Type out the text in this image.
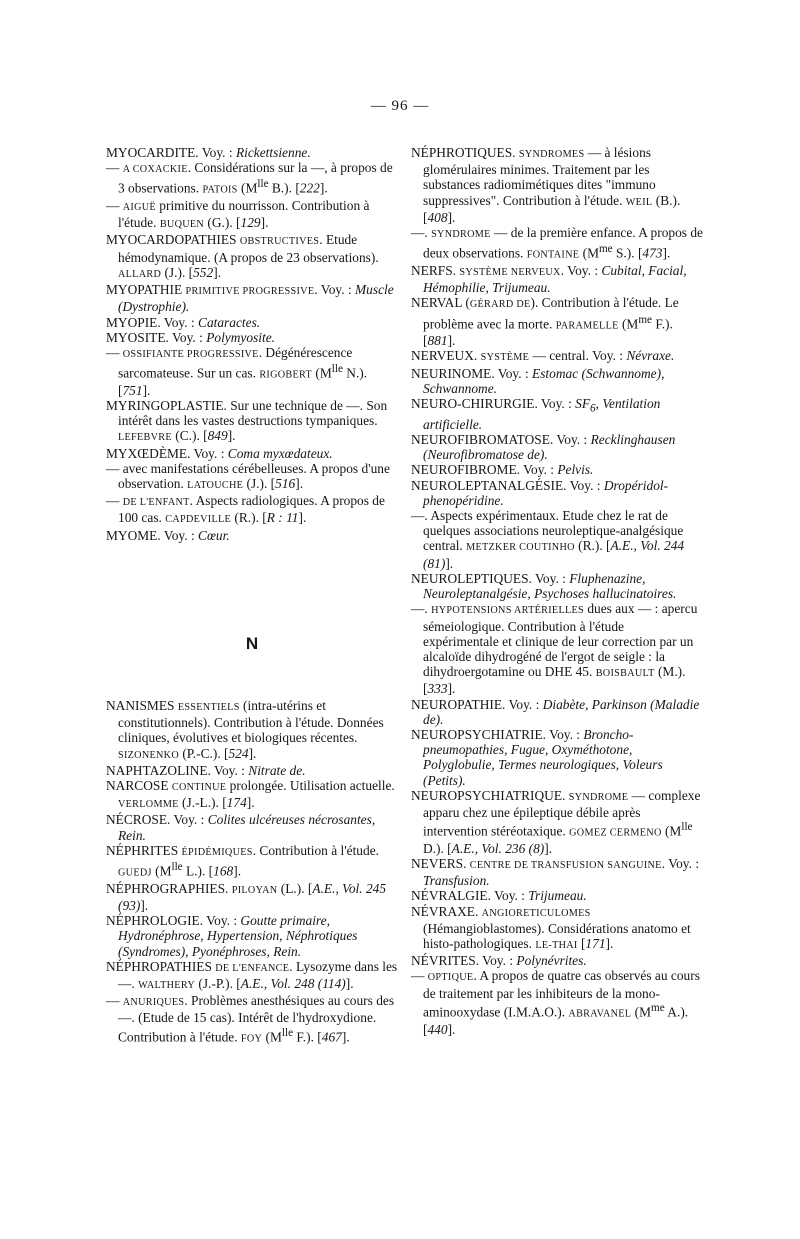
— 96 —
MYOCARDITE. Voy. : Rickettsienne.
— A COXACKIE. Considérations sur la —, à propos de 3 observations. PATOIS ($M^{lle}$ B.). [222].
— AIGUË primitive du nourrisson. Contribution à l'étude. BUQUEN (G.). [129].
MYOCARDOPATHIES OBSTRUCTIVES. Etude hémodynamique. (A propos de 23 observations). ALLARD (J.). [552].
MYOPATHIE PRIMITIVE PROGRESSIVE. Voy. : Muscle (Dystrophie).
MYOPIE. Voy. : Cataractes.
MYOSITE. Voy. : Polymyosite.
— OSSIFIANTE PROGRESSIVE. Dégénérescence sarcomateuse. Sur un cas. RIGOBERT ($M^{lle}$ N.). [751].
MYRINGOPLASTIE. Sur une technique de —. Son intérêt dans les vastes destructions tympaniques. LEFEBVRE (C.). [849].
MYXŒDÈME. Voy. : Coma myxœdateux.
— avec manifestations cérébelleuses. A propos d'une observation. LATOUCHE (J.). [516].
— DE L'ENFANT. Aspects radiologiques. A propos de 100 cas. CAPDEVILLE (R.). [R : 11].
MYOME. Voy. : Cœur.
N
NANISMES ESSENTIELS (intra-utérins et constitutionnels). Contribution à l'étude. Données cliniques, évolutives et biologiques récentes. SIZONENKO (P.-C.). [524].
NAPHTAZOLINE. Voy. : Nitrate de.
NARCOSE CONTINUE prolongée. Utilisation actuelle. VERLOMME (J.-L.). [174].
NÉCROSE. Voy. : Colites ulcéreuses nécrosantes, Rein.
NÉPHRITES ÉPIDÉMIQUES. Contribution à l'étude. GUEDJ ($M^{lle}$ L.). [168].
NÉPHROGRAPHIES. PILOYAN (L.). [A.E., Vol. 245 (93)].
NÉPHROLOGIE. Voy. : Goutte primaire, Hydronéphrose, Hypertension, Néphrotiques (Syndromes), Pyonéphroses, Rein.
NÉPHROPATHIES DE L'ENFANCE. Lysozyme dans les —. WALTHERY (J.-P.). [A.E., Vol. 248 (114)].
— ANURIQUES. Problèmes anesthésiques au cours des —. (Etude de 15 cas). Intérêt de l'hydroxydione. Contribution à l'étude. FOY ($M^{lle}$ F.). [467].
NÉPHROTIQUES. SYNDROMES — à lésions glomérulaires minimes. Traitement par les substances radiomimétiques dites "immuno suppressives". Contribution à l'étude. WEIL (B.). [408].
—. SYNDROME — de la première enfance. A propos de deux observations. FONTAINE ($M^{me}$ S.). [473].
NERFS. SYSTÈME NERVEUX. Voy. : Cubital, Facial, Hémophilie, Trijumeau.
NERVAL (GÉRARD DE). Contribution à l'étude. Le problème avec la morte. PARAMELLE ($M^{me}$ F.). [881].
NERVEUX. SYSTÈME — central. Voy. : Névraxe.
NEURINOME. Voy. : Estomac (Schwannome), Schwannome.
NEURO-CHIRURGIE. Voy. : $SF_6$, Ventilation artificielle.
NEUROFIBROMATOSE. Voy. : Recklinghausen (Neurofibromatose de).
NEUROFIBROME. Voy. : Pelvis.
NEUROLEPTANALGÉSIE. Voy. : Dropéridol-phenopéridine.
—. Aspects expérimentaux. Etude chez le rat de quelques associations neuroleptique-analgésique central. METZKER COUTINHO (R.). [A.E., Vol. 244 (81)].
NEUROLEPTIQUES. Voy. : Fluphenazine, Neuroleptanalgésie, Psychoses hallucinatoires.
—. HYPOTENSIONS ARTÉRIELLES dues aux — : apercu sémeiologique. Contribution à l'étude expérimentale et clinique de leur correction par un alcaloïde dihydrogéné de l'ergot de seigle : la dihydroergotamine ou DHE 45. BOISBAULT (M.). [333].
NEUROPATHIE. Voy. : Diabète, Parkinson (Maladie de).
NEUROPSYCHIATRIE. Voy. : Broncho-pneumopathies, Fugue, Oxyméthotone, Polyglobulie, Termes neurologiques, Voleurs (Petits).
NEUROPSYCHIATRIQUE. SYNDROME — complexe apparu chez une épileptique débile après intervention stéréotaxique. GOMEZ CERMENO ($M^{lle}$ D.). [A.E., Vol. 236 (8)].
NEVERS. CENTRE DE TRANSFUSION SANGUINE. Voy. : Transfusion.
NÉVRALGIE. Voy. : Trijumeau.
NÉVRAXE. ANGIORETICULOMES (Hémangioblastomes). Considérations anatomo et histo-pathologiques. LE-THAI [171].
NÉVRITES. Voy. : Polynévrites.
— OPTIQUE. A propos de quatre cas observés au cours de traitement par les inhibiteurs de la mono-aminooxydase (I.M.A.O.). ABRAVANEL ($M^{me}$ A.). [440].
